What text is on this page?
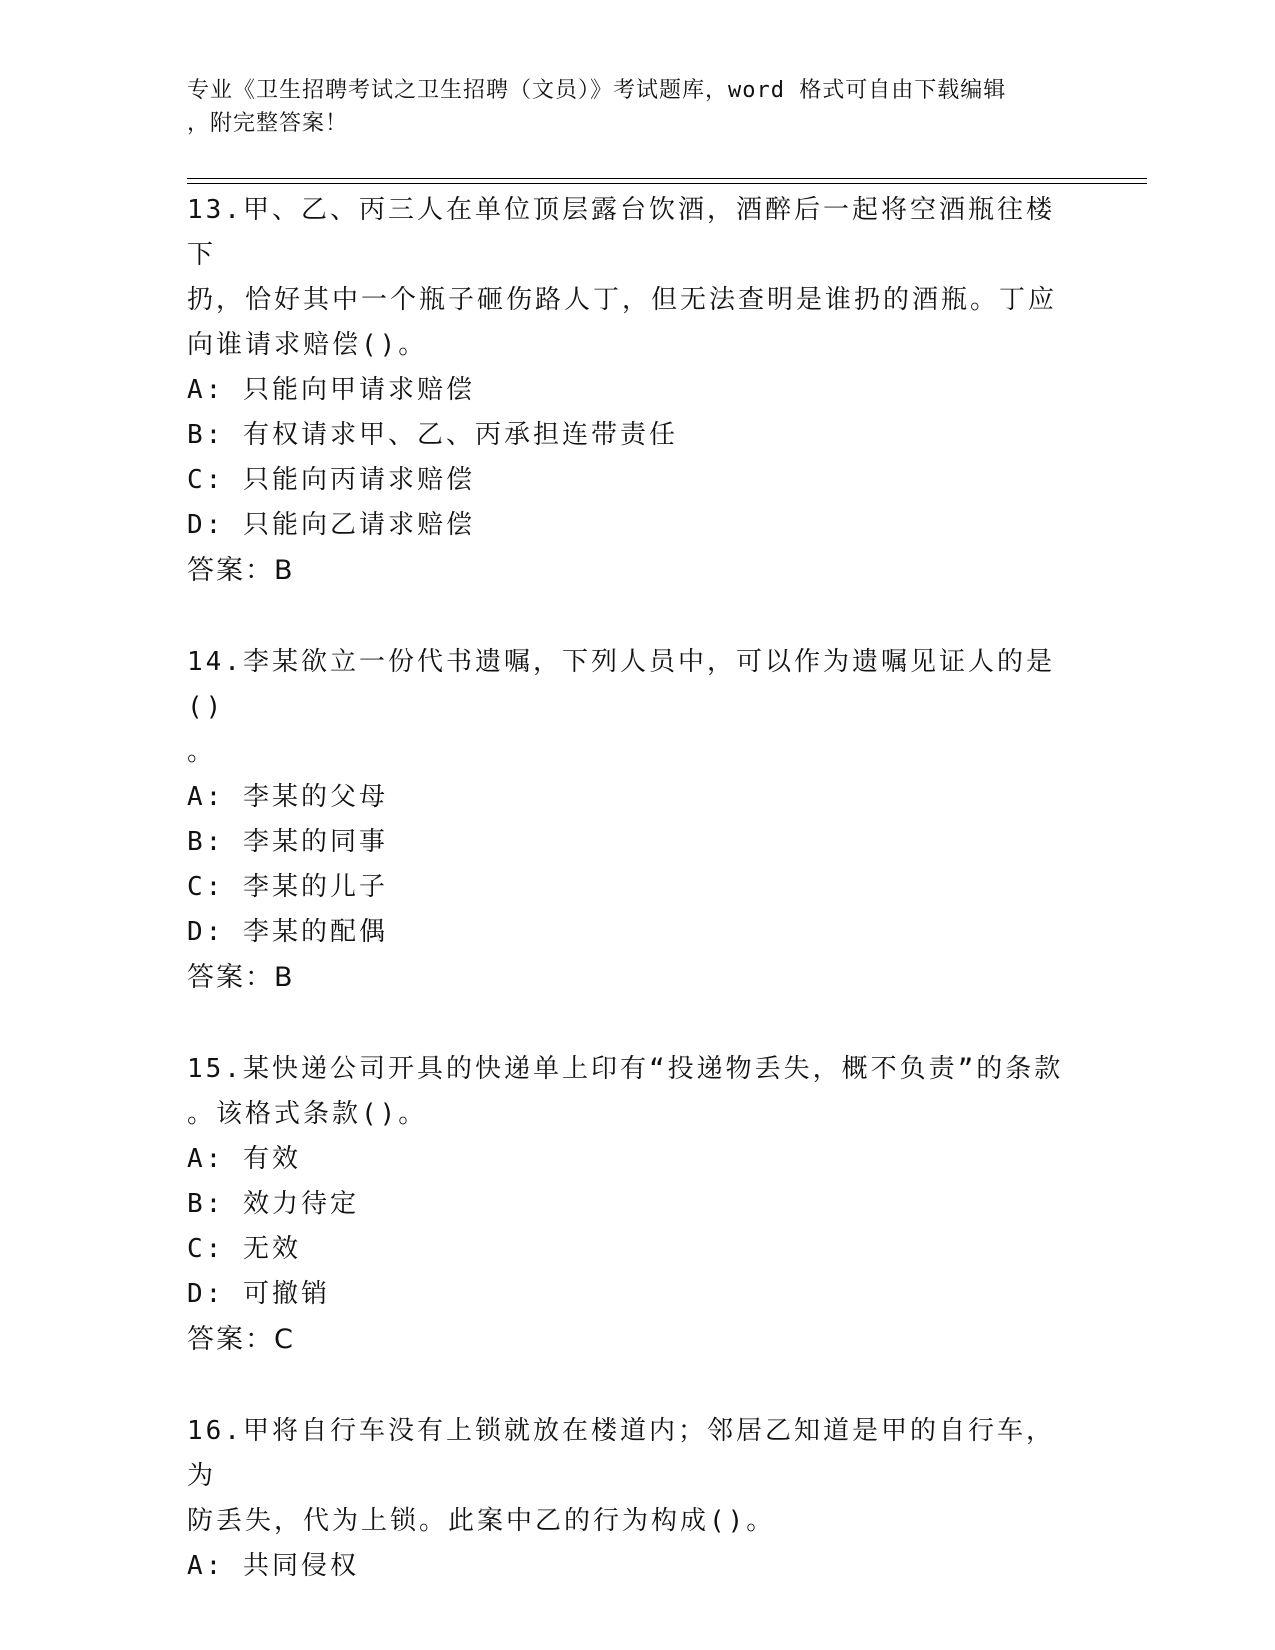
专业《卫生招聘考试之卫生招聘（文员）》考试题库，word 格式可自由下载编辑
，附完整答案！

13.甲、乙、丙三人在单位顶层露台饮酒，酒醉后一起将空酒瓶往楼下

扔，恰好其中一个瓶子砸伤路人丁，但无法查明是谁扔的酒瓶。丁应

向谁请求赔偿()。

A: 只能向甲请求赔偿

B: 有权请求甲、乙、丙承担连带责任

C: 只能向丙请求赔偿

D: 只能向乙请求赔偿

答案：B

14.李某欲立一份代书遗嘱，下列人员中，可以作为遗嘱见证人的是()

。

A: 李某的父母

B: 李某的同事

C: 李某的儿子

D: 李某的配偶

答案：B

15.某快递公司开具的快递单上印有“投递物丢失，概不负责”的条款

。该格式条款()。

A: 有效

B: 效力待定

C: 无效

D: 可撤销

答案：C

16.甲将自行车没有上锁就放在楼道内；邻居乙知道是甲的自行车，为

防丢失，代为上锁。此案中乙的行为构成()。

A: 共同侵权
